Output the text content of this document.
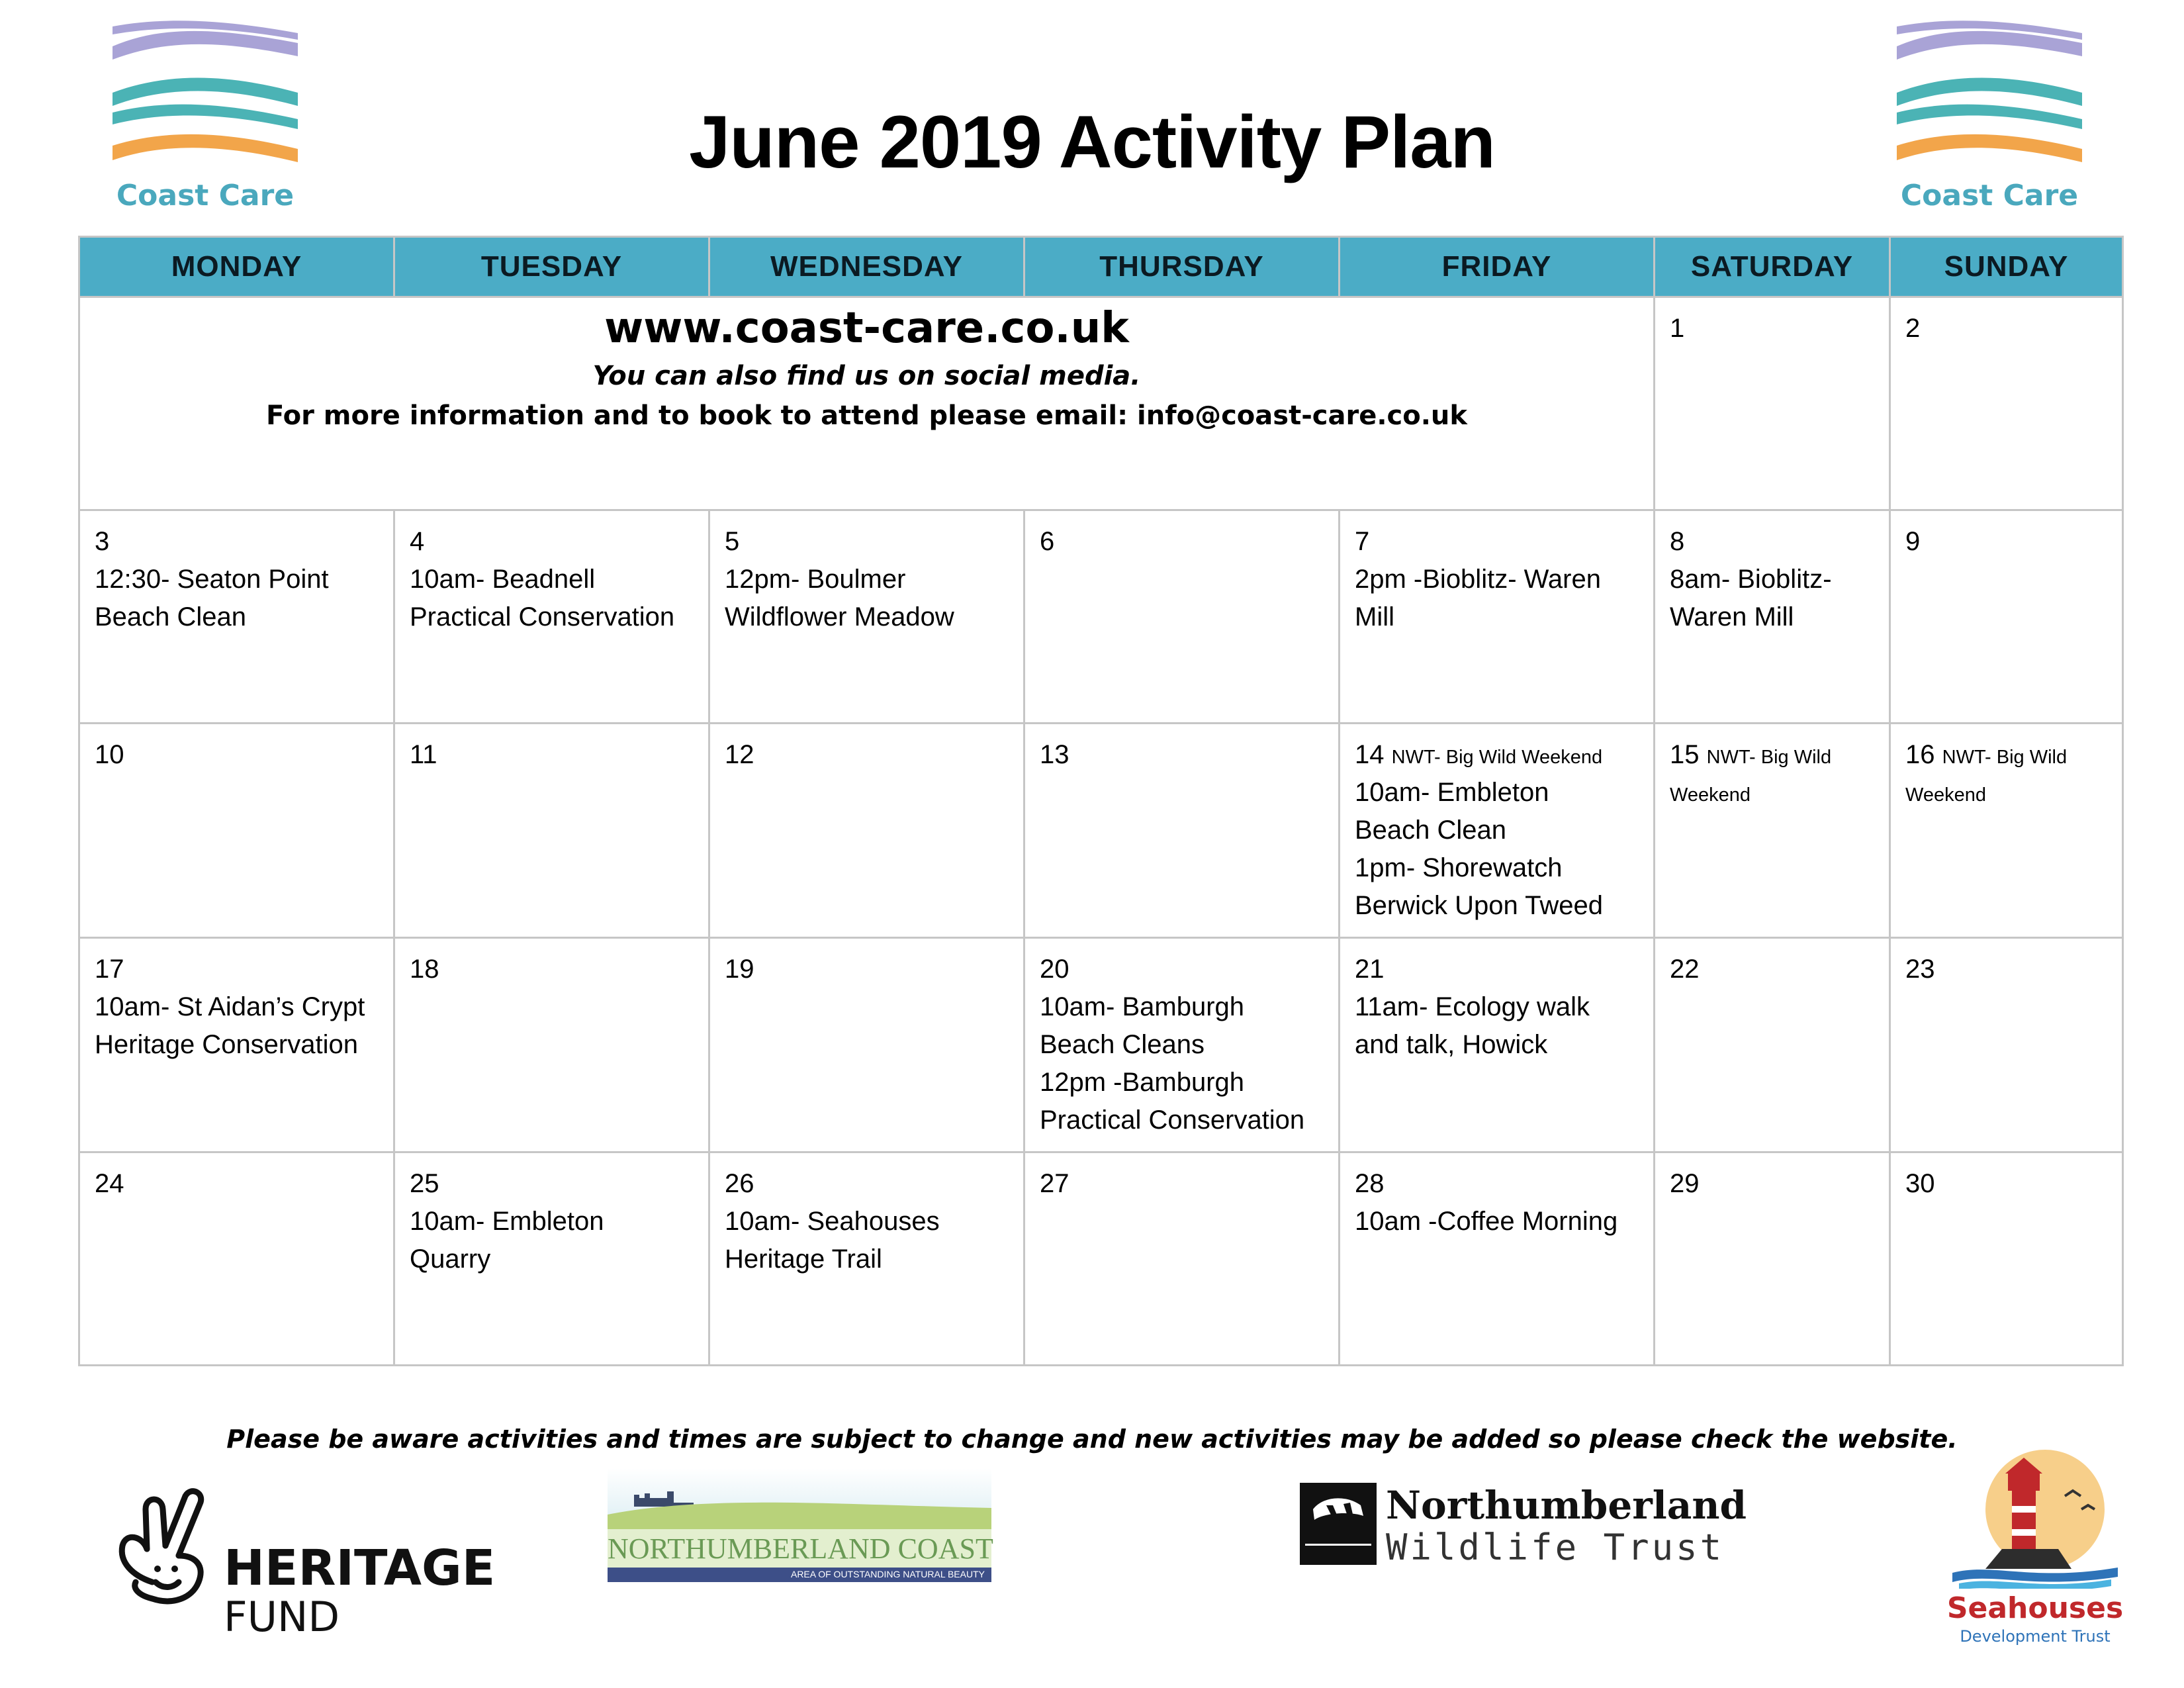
Coast Care	Coast Care
June 2019 Activity Plan
MONDAY	TUESDAY	WEDNESDAY	THURSDAY	FRIDAY	SATURDAY	SUNDAY

www.coast-care.co.uk
You can also find us on social media.
For more information and to book to attend please email: info@coast-care.co.uk					1	2

3
12:30- Seaton Point
Beach Clean	4
10am- Beadnell
Practical Conservation	5
12pm- Boulmer
Wildflower Meadow	6	7
2pm -Bioblitz- Waren
Mill	8
8am- Bioblitz-
Waren Mill	9

10	11	12	13	14 NWT- Big Wild Weekend
10am- Embleton
Beach Clean
1pm- Shorewatch
Berwick Upon Tweed	15 NWT- Big Wild Weekend	16 NWT- Big Wild Weekend

17
10am- St Aidan’s Crypt
Heritage Conservation	18	19	20
10am- Bamburgh
Beach Cleans
12pm -Bamburgh
Practical Conservation	21
11am- Ecology walk
and talk, Howick	22	23

24	25
10am- Embleton
Quarry	26
10am- Seahouses
Heritage Trail	27	28
10am -Coffee Morning	29	30
Please be aware activities and times are subject to change and new activities may be added so please check the website.
HERITAGE
FUND
NORTHUMBERLAND COAST
AREA OF OUTSTANDING NATURAL BEAUTY
Northumberland
Wildlife Trust
Seahouses
Development Trust
